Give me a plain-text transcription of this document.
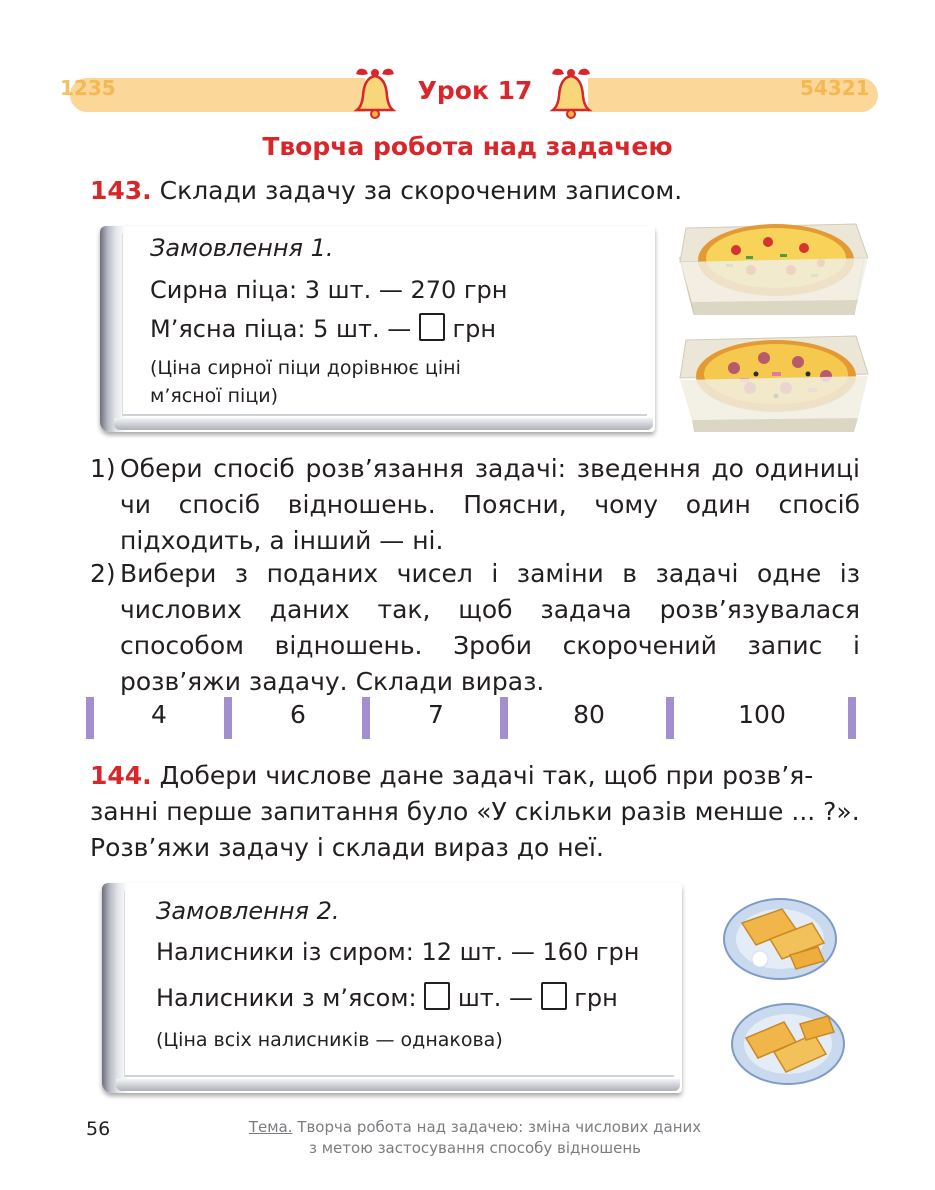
1235	54321
Урок 17
Творча робота над задачею
143. Склади задачу за скороченим записом.
Замовлення 1.
Сирна піца: 3 шт. — 270 грн
М’ясна піца: 5 шт. — грн
(Ціна сирної піци дорівнює ціні
м’ясної піци)
1) Обери спосіб розв’язання задачі: зведення до одиниці чи спосіб відношень. Поясни, чому один спосіб підходить, а інший — ні.
2) Вибери з поданих чисел і заміни в задачі одне із числових даних так, щоб задача розв’язувалася способом відношень. Зроби скорочений запис і розв’яжи задачу. Склади вираз.
4	6	7	80	100
144. Добери числове дане задачі так, щоб при розв’я-
занні перше запитання було «У скільки разів менше ... ?».
Розв’яжи задачу і склади вираз до неї.
Замовлення 2.
Налисники із сиром: 12 шт. — 160 грн
Налисники з м’ясом: шт. — грн
(Ціна всіх налисників — однакова)
56	Тема. Творча робота над задачею: зміна числових даних
з метою застосування способу відношень
